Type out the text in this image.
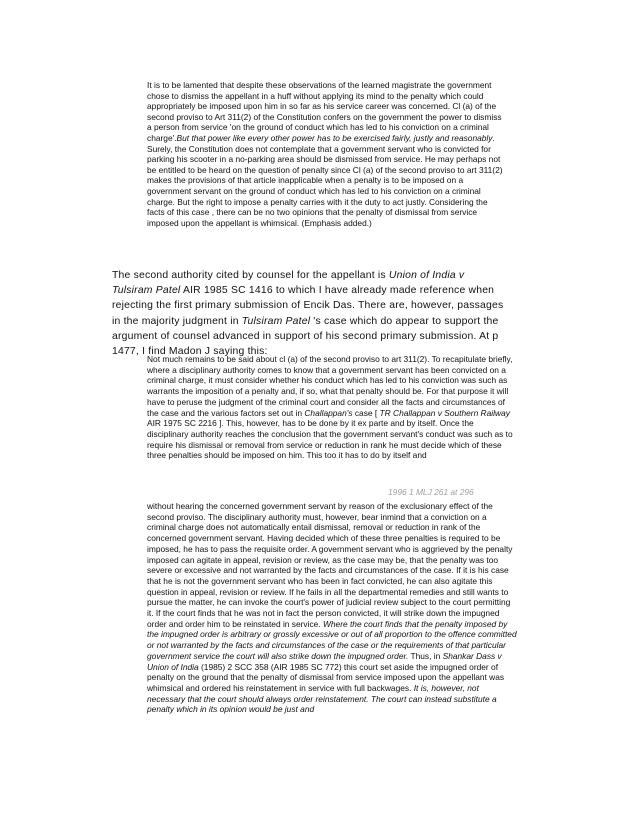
It is to be lamented that despite these observations of the learned magistrate the government chose to dismiss the appellant in a huff without applying its mind to the penalty which could appropriately be imposed upon him in so far as his service career was concerned. Cl (a) of the second proviso to Art 311(2) of the Constitution confers on the government the power to dismiss a person from service 'on the ground of conduct which has led to his conviction on a criminal charge'.But that power like every other power has to be exercised fairly, justly and reasonably. Surely, the Constitution does not contemplate that a government servant who is convicted for parking his scooter in a no-parking area should be dismissed from service. He may perhaps not be entitled to be heard on the question of penalty since Cl (a) of the second proviso to art 311(2) makes the provisions of that article inapplicable when a penalty is to be imposed on a government servant on the ground of conduct which has led to his conviction on a criminal charge. But the right to impose a penalty carries with it the duty to act justly. Considering the facts of this case , there can be no two opinions that the penalty of dismissal from service imposed upon the appellant is whimsical. (Emphasis added.)

The second authority cited by counsel for the appellant is Union of India v Tulsiram Patel AIR 1985 SC 1416 to which I have already made reference when rejecting the first primary submission of Encik Das. There are, however, passages in the majority judgment in Tulsiram Patel 's case which do appear to support the argument of counsel advanced in support of his second primary submission. At p 1477, I find Madon J saying this:

Not much remains to be said about cl (a) of the second proviso to art 311(2). To recapitulate briefly, where a disciplinary authority comes to know that a government servant has been convicted on a criminal charge, it must consider whether his conduct which has led to his conviction was such as warrants the imposition of a penalty and, if so, what that penalty should be. For that purpose it will have to peruse the judgment of the criminal court and consider all the facts and circumstances of the case and the various factors set out in Challappan's case [ TR Challappan v Southern Railway AIR 1975 SC 2216 ]. This, however, has to be done by it ex parte and by itself. Once the disciplinary authority reaches the conclusion that the government servant's conduct was such as to require his dismissal or removal from service or reduction in rank he must decide which of these three penalties should be imposed on him. This too it has to do by itself and

1996 1 MLJ 261 at 296

without hearing the concerned government servant by reason of the exclusionary effect of the second proviso. The disciplinary authority must, however, bear inmind that a conviction on a criminal charge does not automatically entail dismissal, removal or reduction in rank of the concerned government servant. Having decided which of these three penalties is required to be imposed, he has to pass the requisite order. A government servant who is aggrieved by the penalty imposed can agitate in appeal, revision or review, as the case may be, that the penalty was too severe or excessive and not warranted by the facts and circumstances of the case. If it is his case that he is not the government servant who has been in fact convicted, he can also agitate this question in appeal, revision or review. If he fails in all the departmental remedies and still wants to pursue the matter, he can invoke the court's power of judicial review subject to the court permitting it. If the court finds that he was not in fact the person convicted, it will strike down the impugned order and order him to be reinstated in service. Where the court finds that the penalty imposed by the impugned order is arbitrary or grossly excessive or out of all proportion to the offence committed or not warranted by the facts and circumstances of the case or the requirements of that particular government service the court will also strike down the impugned order. Thus, in Shankar Dass v Union of India (1985) 2 SCC 358 (AIR 1985 SC 772) this court set aside the impugned order of penalty on the ground that the penalty of dismissal from service imposed upon the appellant was whimsical and ordered his reinstatement in service with full backwages. It is, however, not necessary that the court should always order reinstatement. The court can instead substitute a penalty which in its opinion would be just and
